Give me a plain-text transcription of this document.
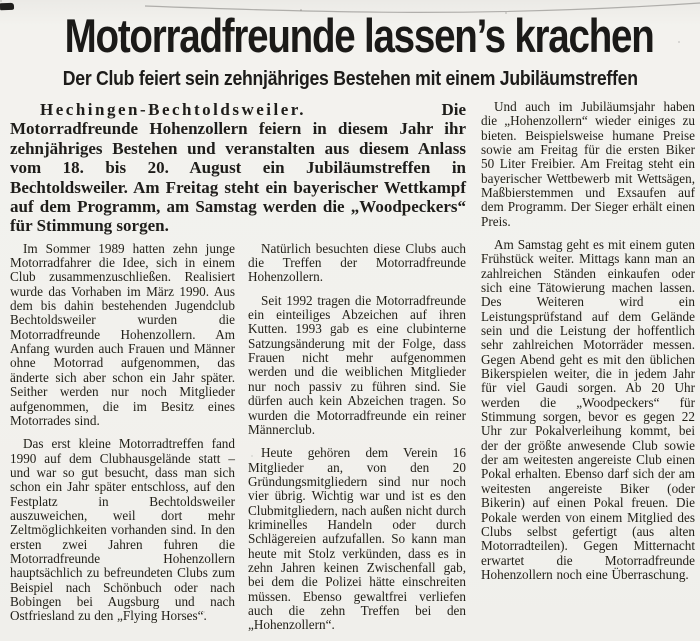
Motorradfreunde lassen’s krachen
Der Club feiert sein zehnjähriges Bestehen mit einem Jubiläumstreffen

Hechingen-Bechtoldsweiler.	Die Motorradfreunde Hohenzollern feiern in diesem Jahr ihr zehnjähriges Bestehen und veranstalten aus diesem Anlass vom 18. bis 20. August ein Jubiläumstreffen in Bechtoldsweiler. Am Freitag steht ein bayerischer Wettkampf auf dem Programm, am Samstag werden die „Woodpeckers“ für Stimmung sorgen.

Im Sommer 1989 hatten zehn junge Motorradfahrer die Idee, sich in einem Club zusammenzuschließen. Realisiert wurde das Vorhaben im März 1990. Aus dem bis dahin bestehenden Jugendclub Bechtoldsweiler wurden die Motorradfreunde Hohenzollern. Am Anfang wurden auch Frauen und Männer ohne Motorrad aufgenommen, das änderte sich aber schon ein Jahr später. Seither werden nur noch Mitglieder aufgenommen, die im Besitz eines Motorrades sind.

Das erst kleine Motorradtreffen fand 1990 auf dem Clubhausgelände statt – und war so gut besucht, dass man sich schon ein Jahr später entschloss, auf den Festplatz in Bechtoldsweiler auszuweichen, weil dort mehr Zeltmöglichkeiten vorhanden sind. In den ersten zwei Jahren fuhren die Motorradfreunde Hohenzollern hauptsächlich zu befreundeten Clubs zum Beispiel nach Schönbuch oder nach Bobingen bei Augsburg und nach Ostfriesland zu den „Flying Horses“.

Natürlich besuchten diese Clubs auch die Treffen der Motorradfreunde Hohenzollern.

Seit 1992 tragen die Motorradfreunde ein einteiliges Abzeichen auf ihren Kutten. 1993 gab es eine clubinterne Satzungsänderung mit der Folge, dass Frauen nicht mehr aufgenommen werden und die weiblichen Mitglieder nur noch passiv zu führen sind. Sie dürfen auch kein Abzeichen tragen. So wurden die Motorradfreunde ein reiner Männerclub.

Heute gehören dem Verein 16 Mitglieder an, von den 20 Gründungsmitgliedern sind nur noch vier übrig. Wichtig war und ist es den Clubmitgliedern, nach außen nicht durch kriminelles Handeln oder durch Schlägereien aufzufallen. So kann man heute mit Stolz verkünden, dass es in zehn Jahren keinen Zwischenfall gab, bei dem die Polizei hätte einschreiten müssen. Ebenso gewaltfrei verliefen auch die zehn Treffen bei den „Hohenzollern“.

Und auch im Jubiläumsjahr haben die „Hohenzollern“ wieder einiges zu bieten. Beispielsweise humane Preise sowie am Freitag für die ersten Biker 50 Liter Freibier. Am Freitag steht ein bayerischer Wettbewerb mit Wettsägen, Maßbierstemmen und Exsaufen auf dem Programm. Der Sieger erhält einen Preis.

Am Samstag geht es mit einem guten Frühstück weiter. Mittags kann man an zahlreichen Ständen einkaufen oder sich eine Tätowierung machen lassen. Des Weiteren wird ein Leistungsprüfstand auf dem Gelände sein und die Leistung der hoffentlich sehr zahlreichen Motorräder messen. Gegen Abend geht es mit den üblichen Bikerspielen weiter, die in jedem Jahr für viel Gaudi sorgen. Ab 20 Uhr werden die „Woodpeckers“ für Stimmung sorgen, bevor es gegen 22 Uhr zur Pokalverleihung kommt, bei der der größte anwesende Club sowie der am weitesten angereiste Club einen Pokal erhalten. Ebenso darf sich der am weitesten angereiste Biker (oder Bikerin) auf einen Pokal freuen. Die Pokale werden von einem Mitglied des Clubs selbst gefertigt (aus alten Motorradteilen). Gegen Mitternacht erwartet die Motorradfreunde Hohenzollern noch eine Überraschung.
